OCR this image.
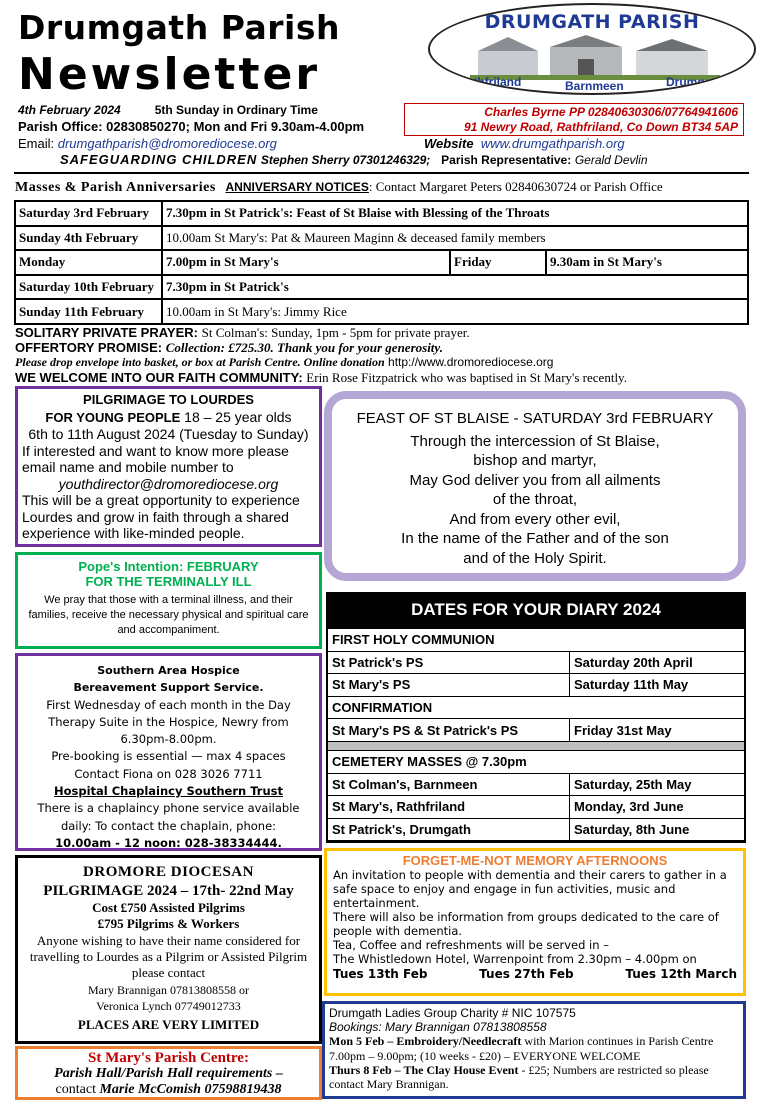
Drumgath Parish
Newsletter
DRUMGATH PARISH
Rathfriland	Barnmeen	Drumgath
4th February 2024	5th Sunday in Ordinary Time	Charles Byrne PP 02840630306/07764941606
91 Newry Road, Rathfriland, Co Down BT34 5AP
Parish Office: 02830850270; Mon and Fri 9.30am-4.00pm
Email: drumgathparish@dromorediocese.org	Website www.drumgathparish.org
SAFEGUARDING CHILDREN Stephen Sherry 07301246329; Parish Representative: Gerald Devlin
Masses & Parish Anniversaries ANNIVERSARY NOTICES: Contact Margaret Peters 02840630724 or Parish Office
Saturday 3rd February	7.30pm in St Patrick's: Feast of St Blaise with Blessing of the Throats		
Sunday 4th February	10.00am St Mary's: Pat & Maureen Maginn & deceased family members		
Monday	7.00pm in St Mary's	Friday	9.30am in St Mary's
Saturday 10th February	7.30pm in St Patrick's		
Sunday 11th February	10.00am in St Mary's: Jimmy Rice		
SOLITARY PRIVATE PRAYER: St Colman's: Sunday, 1pm - 5pm for private prayer.
OFFERTORY PROMISE: Collection: £725.30. Thank you for your generosity.
Please drop envelope into basket, or box at Parish Centre. Online donation http://www.dromorediocese.org
WE WELCOME INTO OUR FAITH COMMUNITY: Erin Rose Fitzpatrick who was baptised in St Mary's recently.
PILGRIMAGE TO LOURDES
FOR YOUNG PEOPLE 18 – 25 year olds
6th to 11th August 2024 (Tuesday to Sunday)
If interested and want to know more please email name and mobile number to
youthdirector@dromorediocese.org
This will be a great opportunity to experience Lourdes and grow in faith through a shared experience with like-minded people.
FEAST OF ST BLAISE - SATURDAY 3rd FEBRUARY
Through the intercession of St Blaise,
bishop and martyr,
May God deliver you from all ailments
of the throat,
And from every other evil,
In the name of the Father and of the son
and of the Holy Spirit.
Pope's Intention: FEBRUARY
FOR THE TERMINALLY ILL
We pray that those with a terminal illness, and their families, receive the necessary physical and spiritual care and accompaniment.
Southern Area Hospice
Bereavement Support Service.
First Wednesday of each month in the Day Therapy Suite in the Hospice, Newry from 6.30pm-8.00pm.
Pre-booking is essential — max 4 spaces
Contact Fiona on 028 3026 7711
Hospital Chaplaincy Southern Trust
There is a chaplaincy phone service available daily: To contact the chaplain, phone:
10.00am - 12 noon: 028-38334444.
DATES FOR YOUR DIARY 2024
FIRST HOLY COMMUNION	
St Patrick's PS	Saturday 20th April
St Mary's PS	Saturday 11th May
CONFIRMATION	
St Mary's PS & St Patrick's PS	Friday 31st May

CEMETERY MASSES @ 7.30pm	
St Colman's, Barnmeen	Saturday, 25th May
St Mary's, Rathfriland	Monday, 3rd June
St Patrick's, Drumgath	Saturday, 8th June
DROMORE DIOCESAN
PILGRIMAGE 2024 – 17th- 22nd May
Cost £750 Assisted Pilgrims
£795 Pilgrims & Workers
Anyone wishing to have their name considered for travelling to Lourdes as a Pilgrim or Assisted Pilgrim please contact
Mary Brannigan 07813808558 or
Veronica Lynch 07749012733
PLACES ARE VERY LIMITED
FORGET-ME-NOT MEMORY AFTERNOONS
An invitation to people with dementia and their carers to gather in a safe space to enjoy and engage in fun activities, music and entertainment.
There will also be information from groups dedicated to the care of people with dementia.
Tea, Coffee and refreshments will be served in –
The Whistledown Hotel, Warrenpoint from 2.30pm – 4.00pm on
Tues 13th Feb	Tues 27th Feb	Tues 12th March
Drumgath Ladies Group Charity # NIC 107575
Bookings: Mary Brannigan 07813808558
Mon 5 Feb – Embroidery/Needlecraft with Marion continues in Parish Centre 7.00pm – 9.00pm; (10 weeks - £20) – EVERYONE WELCOME
Thurs 8 Feb – The Clay House Event - £25; Numbers are restricted so please contact Mary Brannigan.
St Mary's Parish Centre:
Parish Hall/Parish Hall requirements –
contact Marie McComish 07598819438
